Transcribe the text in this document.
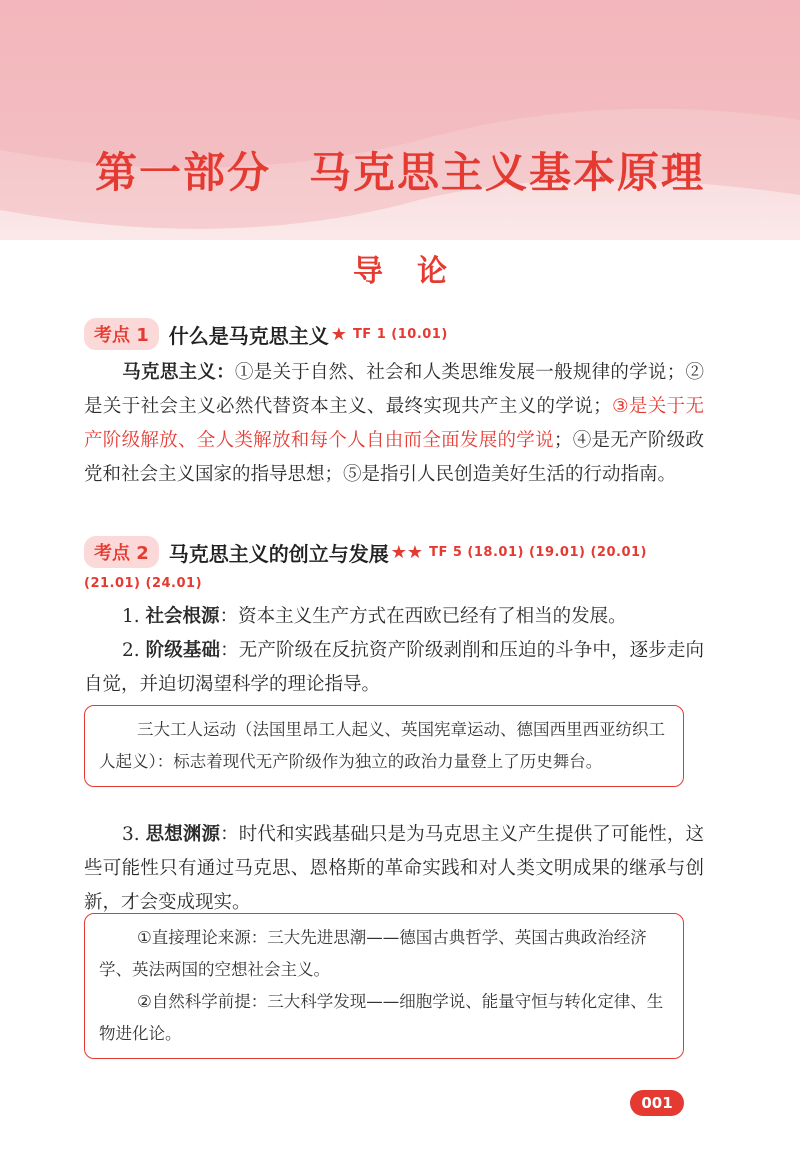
第一部分 马克思主义基本原理
导论
考点 1	什么是马克思主义 ★ TF 1 (10.01)
马克思主义：①是关于自然、社会和人类思维发展一般规律的学说；②是关于社会主义必然代替资本主义、最终实现共产主义的学说；③是关于无产阶级解放、全人类解放和每个人自由而全面发展的学说；④是无产阶级政党和社会主义国家的指导思想；⑤是指引人民创造美好生活的行动指南。
考点 2	马克思主义的创立与发展 ★★ TF 5 (18.01) (19.01) (20.01)
(21.01) (24.01)
1. 社会根源：资本主义生产方式在西欧已经有了相当的发展。
2. 阶级基础：无产阶级在反抗资产阶级剥削和压迫的斗争中，逐步走向自觉，并迫切渴望科学的理论指导。

三大工人运动（法国里昂工人起义、英国宪章运动、德国西里西亚纺织工人起义）：标志着现代无产阶级作为独立的政治力量登上了历史舞台。

3. 思想渊源：时代和实践基础只是为马克思主义产生提供了可能性，这些可能性只有通过马克思、恩格斯的革命实践和对人类文明成果的继承与创新，才会变成现实。

①直接理论来源：三大先进思潮——德国古典哲学、英国古典政治经济学、英法两国的空想社会主义。

②自然科学前提：三大科学发现——细胞学说、能量守恒与转化定律、生物进化论。

001
